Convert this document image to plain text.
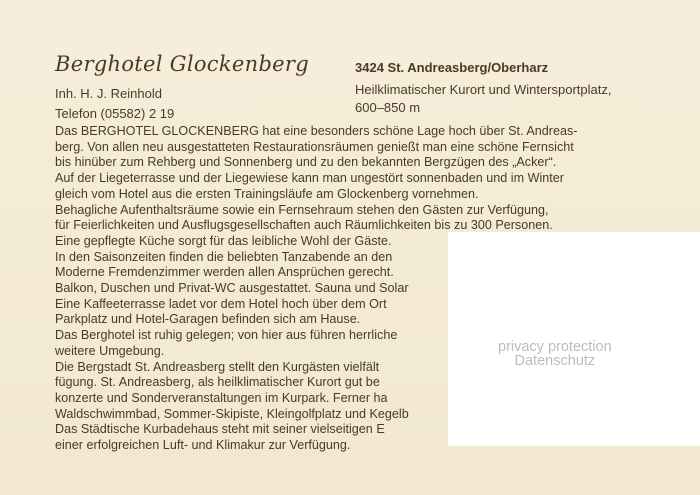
Berghotel Glockenberg
Inh. H. J. Reinhold
Telefon (05582) 2 19
3424 St. Andreasberg/Oberharz
Heilklimatischer Kurort und Wintersportplatz,
600–850 m
Das BERGHOTEL GLOCKENBERG hat eine besonders schöne Lage hoch über St. Andreas-
berg. Von allen neu ausgestatteten Restaurationsräumen genießt man eine schöne Fernsicht
bis hinüber zum Rehberg und Sonnenberg und zu den bekannten Bergzügen des „Acker“.
Auf der Liegeterrasse und der Liegewiese kann man ungestört sonnenbaden und im Winter
gleich vom Hotel aus die ersten Trainingsläufe am Glockenberg vornehmen.
Behagliche Aufenthaltsräume sowie ein Fernsehraum stehen den Gästen zur Verfügung,
für Feierlichkeiten und Ausflugsgesellschaften auch Räumlichkeiten bis zu 300 Personen.
Eine gepflegte Küche sorgt für das leibliche Wohl der Gäste.
In den Saisonzeiten finden die beliebten Tanzabende an den
Moderne Fremdenzimmer werden allen Ansprüchen gerecht.
Balkon, Duschen und Privat-WC ausgestattet. Sauna und Solar
Eine Kaffeeterrasse ladet vor dem Hotel hoch über dem Ort
Parkplatz und Hotel-Garagen befinden sich am Hause.
Das Berghotel ist ruhig gelegen; von hier aus führen herrliche
weitere Umgebung.
Die Bergstadt St. Andreasberg stellt den Kurgästen vielfält
fügung. St. Andreasberg, als heilklimatischer Kurort gut be
konzerte und Sonderveranstaltungen im Kurpark. Ferner ha
Waldschwimmbad, Sommer-Skipiste, Kleingolfplatz und Kegelb
Das Städtische Kurbadehaus steht mit seiner vielseitigen E
einer erfolgreichen Luft- und Klimakur zur Verfügung.
privacy protection
Datenschutz
